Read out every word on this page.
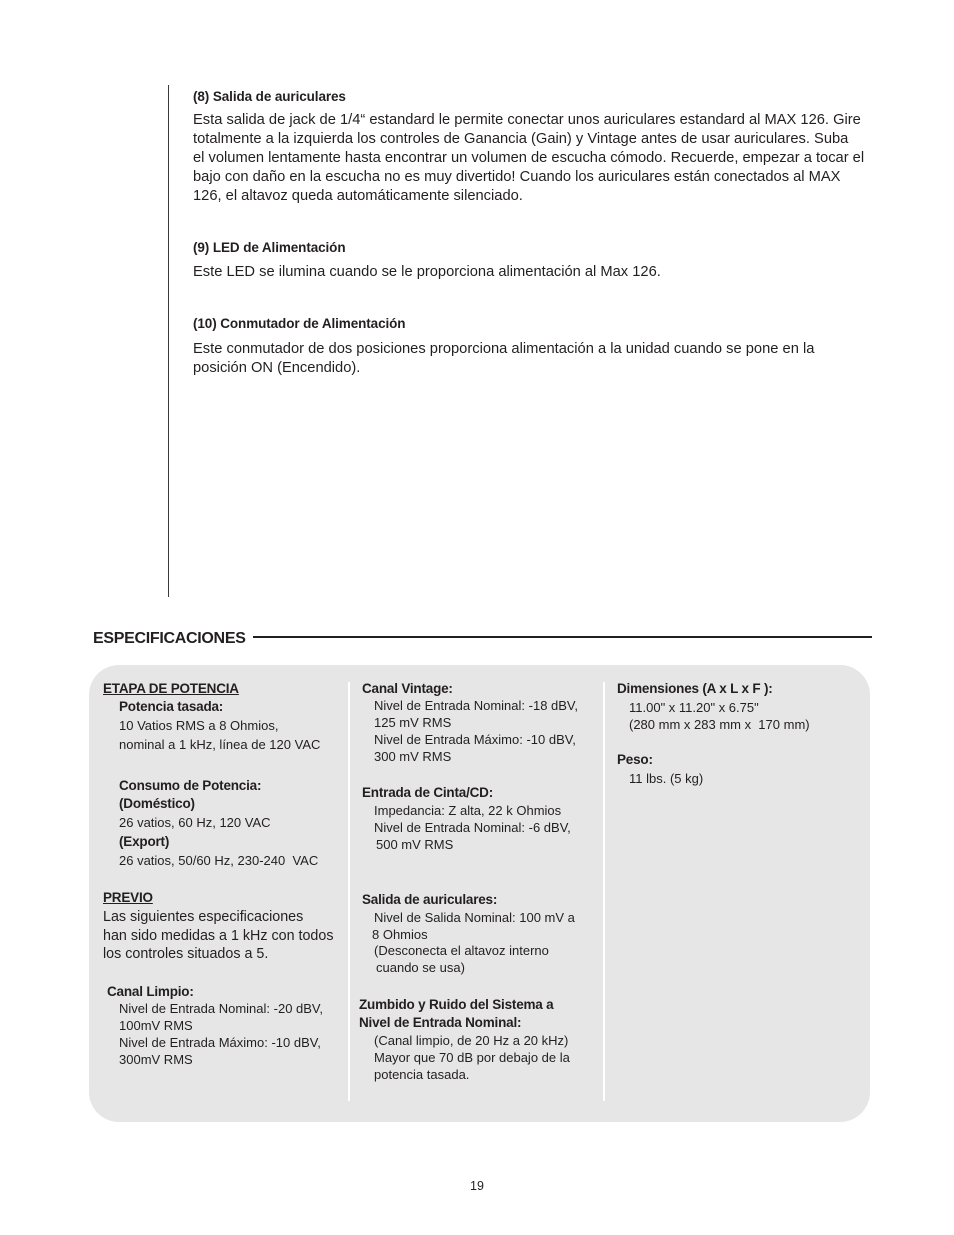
(8) Salida de auriculares
Esta salida de jack de 1/4“ estandard le permite conectar unos auriculares estandard al MAX 126. Gire
totalmente a la izquierda los controles de Ganancia (Gain) y Vintage antes de usar auriculares. Suba
el volumen lentamente hasta encontrar un volumen de escucha cómodo. Recuerde, empezar a tocar el
bajo con daño en la escucha no es muy divertido! Cuando los auriculares están conectados al MAX
126, el altavoz queda automáticamente silenciado.
(9) LED de Alimentación
Este LED se ilumina cuando se le proporciona alimentación al Max 126.
(10) Conmutador de Alimentación
Este conmutador de dos posiciones proporciona alimentación a la unidad cuando se pone en la
posición ON (Encendido).
ESPECIFICACIONES
ETAPA DE POTENCIA
Potencia tasada:
10 Vatios RMS a 8 Ohmios,
nominal a 1 kHz, línea de 120 VAC
Consumo de Potencia:
(Doméstico)
26 vatios, 60 Hz, 120 VAC
(Export)
26 vatios, 50/60 Hz, 230-240  VAC
PREVIO
Las siguientes especificaciones
han sido medidas a 1 kHz con todos
los controles situados a 5.
Canal Limpio:
Nivel de Entrada Nominal: -20 dBV,
100mV RMS
Nivel de Entrada Máximo: -10 dBV,
300mV RMS
Canal Vintage:
Nivel de Entrada Nominal: -18 dBV,
125 mV RMS
Nivel de Entrada Máximo: -10 dBV,
300 mV RMS
Entrada de Cinta/CD:
Impedancia: Z alta, 22 k Ohmios
Nivel de Entrada Nominal: -6 dBV,
500 mV RMS
Salida de auriculares:
Nivel de Salida Nominal: 100 mV a
8 Ohmios
(Desconecta el altavoz interno
cuando se usa)
Zumbido y Ruido del Sistema a
Nivel de Entrada Nominal:
(Canal limpio, de 20 Hz a 20 kHz)
Mayor que 70 dB por debajo de la
potencia tasada.
Dimensiones (A x L x F ):
11.00" x 11.20" x 6.75"
(280 mm x 283 mm x  170 mm)
Peso:
11 lbs. (5 kg)
19
